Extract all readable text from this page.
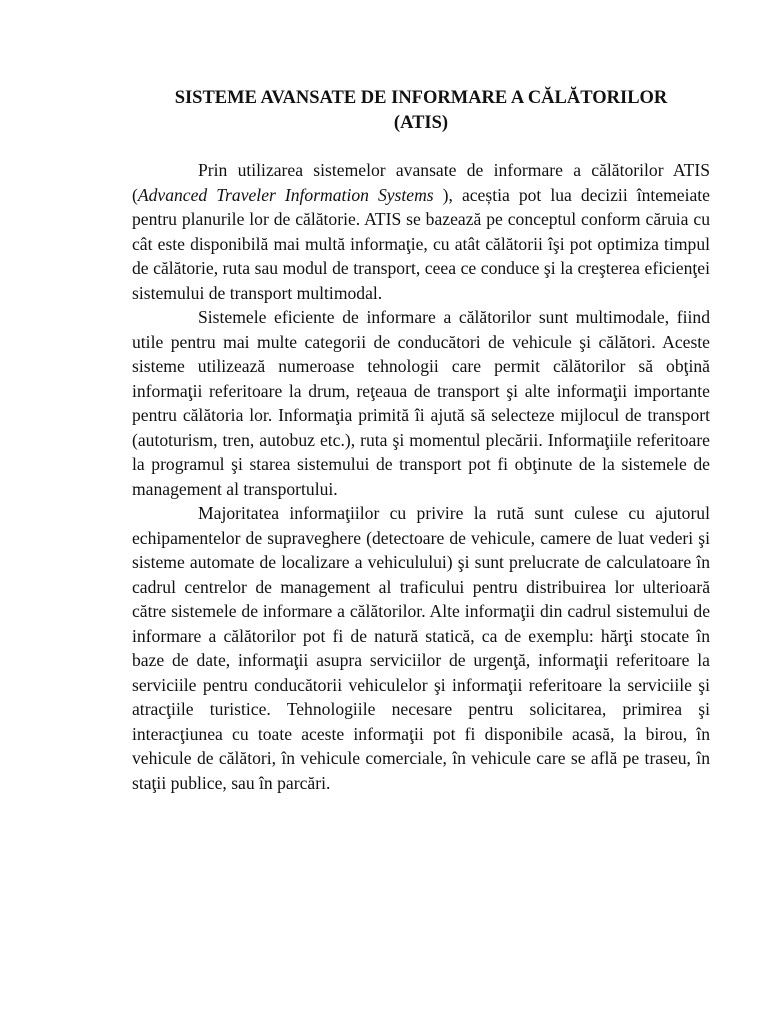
SISTEME AVANSATE DE INFORMARE A CĂLĂTORILOR
(ATIS)

Prin utilizarea sistemelor avansate de informare a călătorilor ATIS (Advanced Traveler Information Systems ), aceștia pot lua decizii întemeiate pentru planurile lor de călătorie. ATIS se bazează pe conceptul conform căruia cu cât este disponibilă mai multă informaţie, cu atât călătorii îşi pot optimiza timpul de călătorie, ruta sau modul de transport, ceea ce conduce şi la creşterea eficienţei sistemului de transport multimodal.

Sistemele eficiente de informare a călătorilor sunt multimodale, fiind utile pentru mai multe categorii de conducători de vehicule şi călători. Aceste sisteme utilizează numeroase tehnologii care permit călătorilor să obţină informaţii referitoare la drum, reţeaua de transport şi alte informaţii importante pentru călătoria lor. Informaţia primită îi ajută să selecteze mijlocul de transport (autoturism, tren, autobuz etc.), ruta şi momentul plecării. Informaţiile referitoare la programul şi starea sistemului de transport pot fi obţinute de la sistemele de management al transportului.

Majoritatea informaţiilor cu privire la rută sunt culese cu ajutorul echipamentelor de supraveghere (detectoare de vehicule, camere de luat vederi şi sisteme automate de localizare a vehiculului) şi sunt prelucrate de calculatoare în cadrul centrelor de management al traficului pentru distribuirea lor ulterioară către sistemele de informare a călătorilor. Alte informaţii din cadrul sistemului de informare a călătorilor pot fi de natură statică, ca de exemplu: hărţi stocate în baze de date, informaţii asupra serviciilor de urgenţă, informaţii referitoare la serviciile pentru conducătorii vehiculelor şi informaţii referitoare la serviciile şi atracţiile turistice. Tehnologiile necesare pentru solicitarea, primirea şi interacţiunea cu toate aceste informaţii pot fi disponibile acasă, la birou, în vehicule de călători, în vehicule comerciale, în vehicule care se află pe traseu, în staţii publice, sau în parcări.
